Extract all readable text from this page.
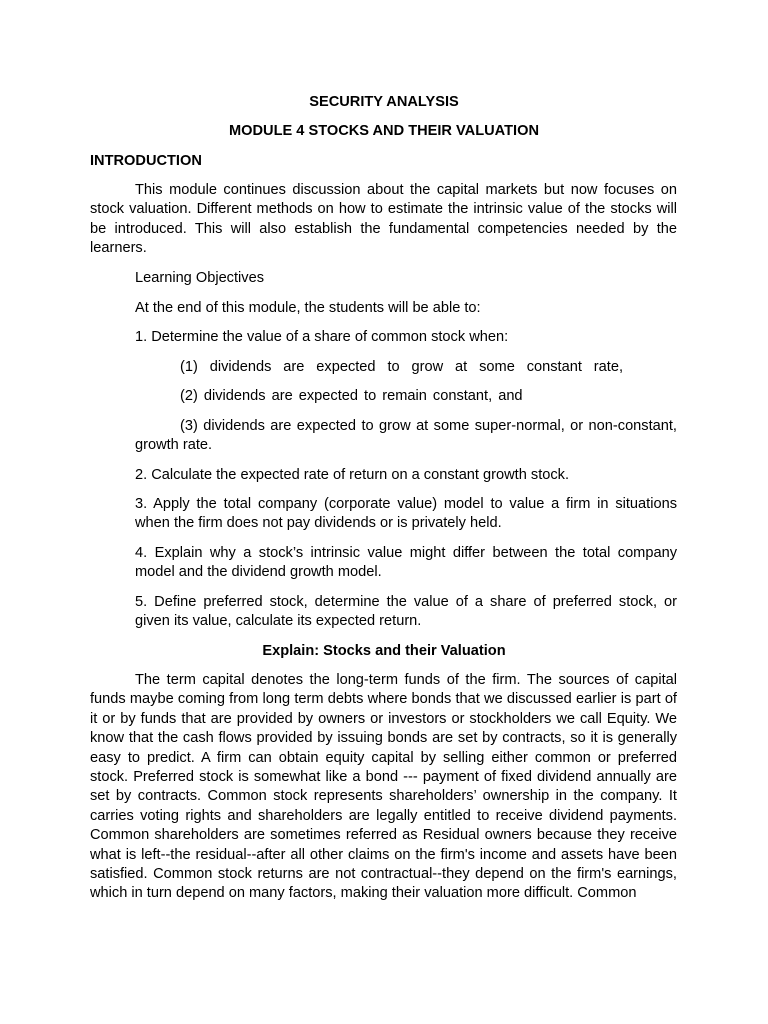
SECURITY ANALYSIS
MODULE 4 STOCKS AND THEIR VALUATION
INTRODUCTION

This module continues discussion about the capital markets but now focuses on stock valuation. Different methods on how to estimate the intrinsic value of the stocks will be introduced. This will also establish the fundamental competencies needed by the learners.

Learning Objectives
At the end of this module, the students will be able to:
1. Determine the value of a share of common stock when:

(1) dividends are expected to grow at some constant rate,

(2) dividends are expected to remain constant, and

(3) dividends are expected to grow at some super-normal, or non-constant, growth rate.

2. Calculate the expected rate of return on a constant growth stock.

3. Apply the total company (corporate value) model to value a firm in situations when the firm does not pay dividends or is privately held.

4. Explain why a stock’s intrinsic value might differ between the total company model and the dividend growth model.

5. Define preferred stock, determine the value of a share of preferred stock, or given its value, calculate its expected return.

Explain: Stocks and their Valuation

The term capital denotes the long-term funds of the firm. The sources of capital funds maybe coming from long term debts where bonds that we discussed earlier is part of it or by funds that are provided by owners or investors or stockholders we call Equity. We know that the cash flows provided by issuing bonds are set by contracts, so it is generally easy to predict. A firm can obtain equity capital by selling either common or preferred stock. Preferred stock is somewhat like a bond --- payment of fixed dividend annually are set by contracts. Common stock represents shareholders’ ownership in the company. It carries voting rights and shareholders are legally entitled to receive dividend payments. Common shareholders are sometimes referred as Residual owners because they receive what is left--the residual--after all other claims on the firm's income and assets have been satisfied. Common stock returns are not contractual--they depend on the firm's earnings, which in turn depend on many factors, making their valuation more difficult. Common
